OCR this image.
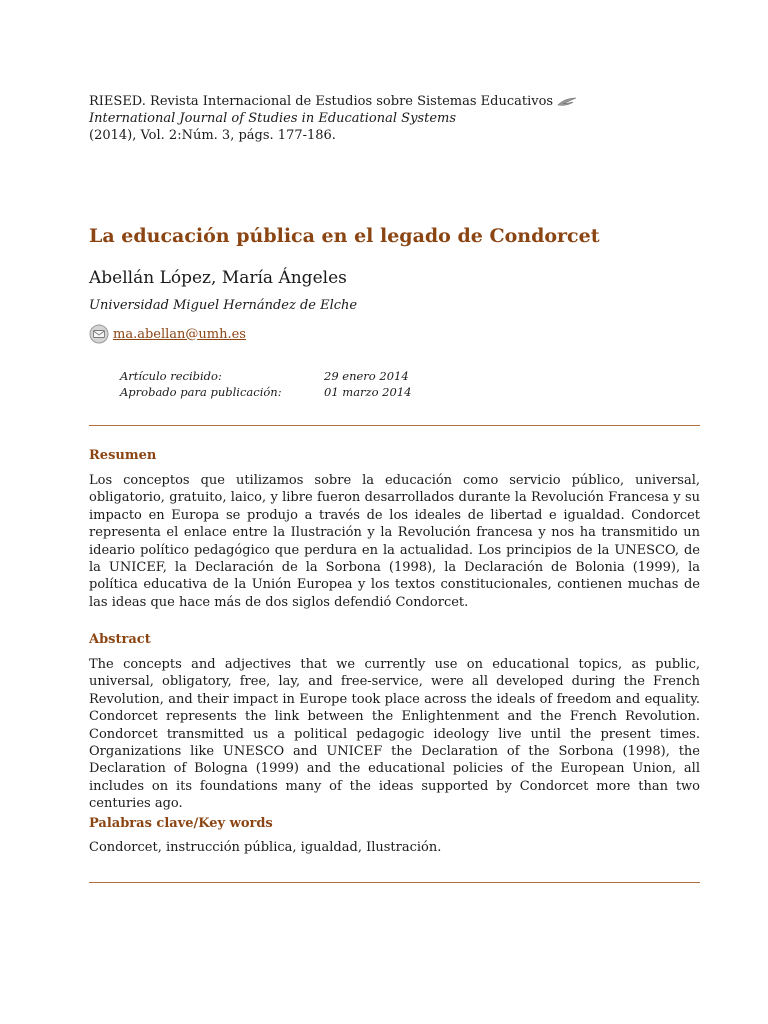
RIESED. Revista Internacional de Estudios sobre Sistemas Educativos
International Journal of Studies in Educational Systems
(2014), Vol. 2:Núm. 3, págs. 177-186.
La educación pública en el legado de Condorcet
Abellán López, María Ángeles
Universidad Miguel Hernández de Elche
ma.abellan@umh.es
Artículo recibido:	29 enero 2014
Aprobado para publicación:	01 marzo 2014
Resumen

Los conceptos que utilizamos sobre la educación como servicio público, universal, obligatorio, gratuito, laico, y libre fueron desarrollados durante la Revolución Francesa y su impacto en Europa se produjo a través de los ideales de libertad e igualdad. Condorcet representa el enlace entre la Ilustración y la Revolución francesa y nos ha transmitido un ideario político pedagógico que perdura en la actualidad. Los principios de la UNESCO, de la UNICEF, la Declaración de la Sorbona (1998), la Declaración de Bolonia (1999), la política educativa de la Unión Europea y los textos constitucionales, contienen muchas de las ideas que hace más de dos siglos defendió Condorcet.

Abstract

The concepts and adjectives that we currently use on educational topics, as public, universal, obligatory, free, lay, and free-service, were all developed during the French Revolution, and their impact in Europe took place across the ideals of freedom and equality. Condorcet represents the link between the Enlightenment and the French Revolution. Condorcet transmitted us a political pedagogic ideology live until the present times. Organizations like UNESCO and UNICEF the Declaration of the Sorbona (1998), the Declaration of Bologna (1999) and the educational policies of the European Union, all includes on its foundations many of the ideas supported by Condorcet more than two centuries ago.

Palabras clave/Key words

Condorcet, instrucción pública, igualdad, Ilustración.
